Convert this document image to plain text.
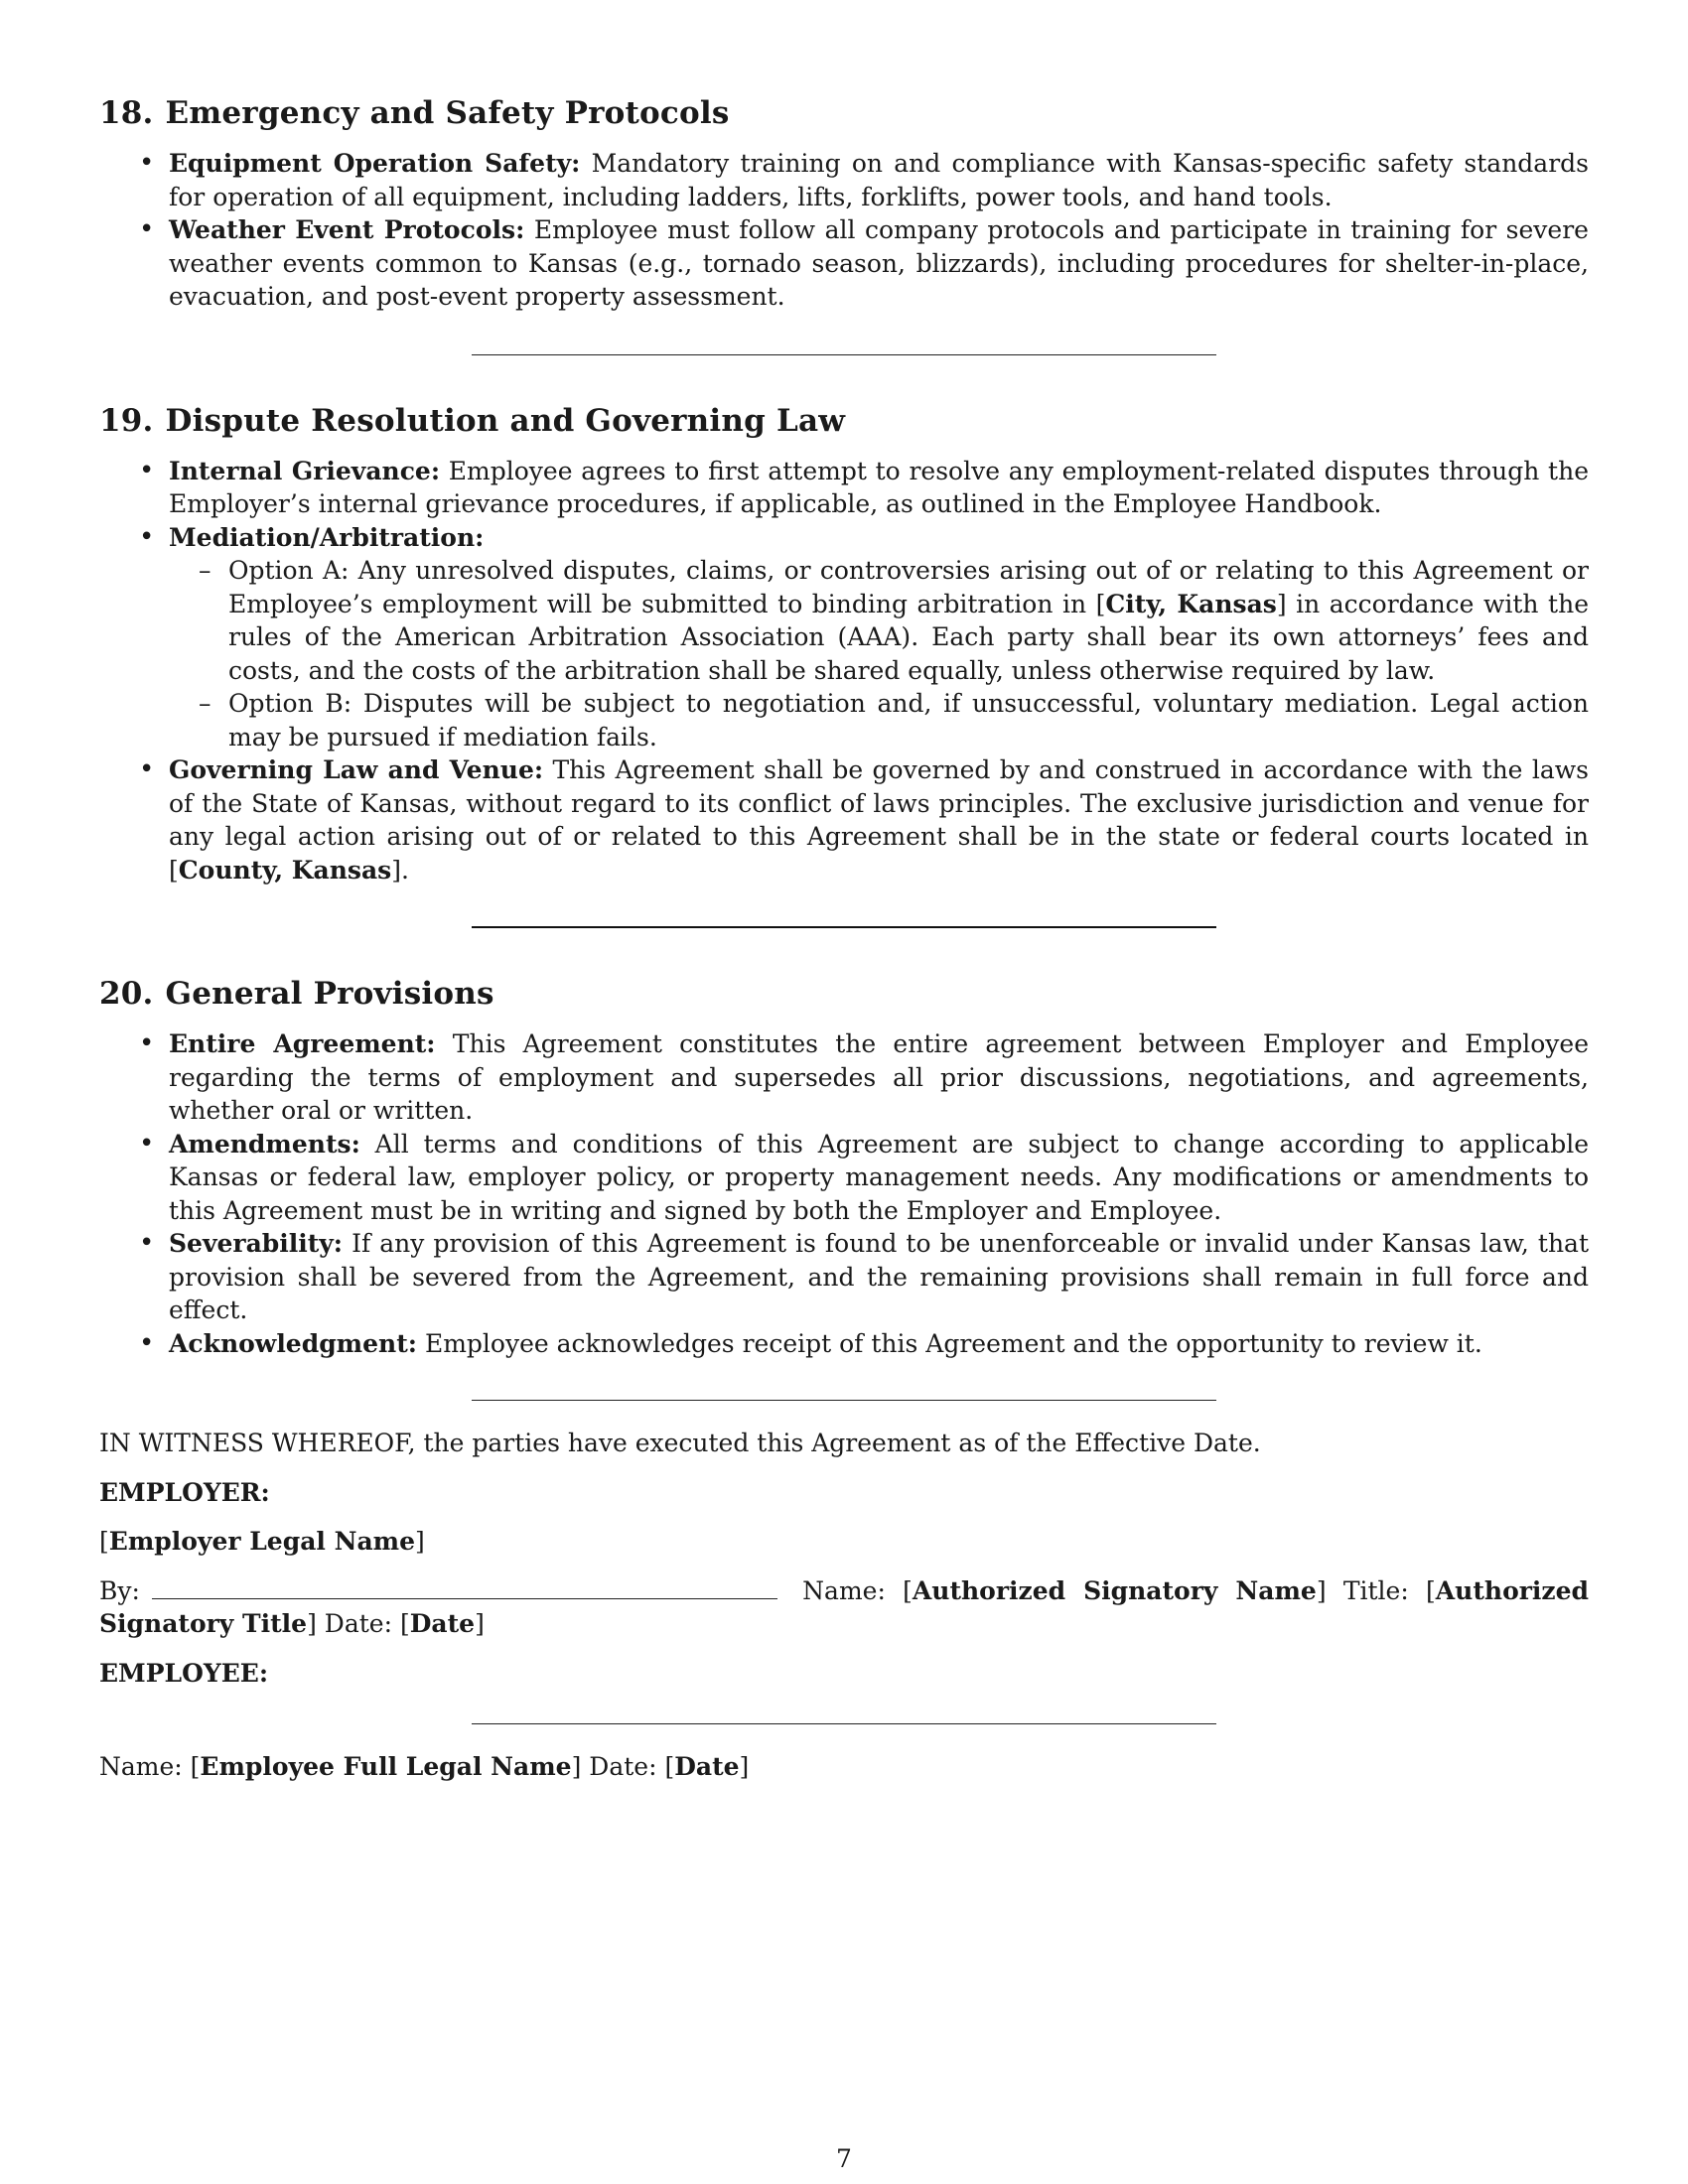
18. Emergency and Safety Protocols
• Equipment Operation Safety: Mandatory training on and compliance with Kansas-specific safety standards for operation of all equipment, including ladders, lifts, forklifts, power tools, and hand tools.
• Weather Event Protocols: Employee must follow all company protocols and participate in training for severe weather events common to Kansas (e.g., tornado season, blizzards), including procedures for shelter-in-place, evacuation, and post-event property assessment.
19. Dispute Resolution and Governing Law
• Internal Grievance: Employee agrees to first attempt to resolve any employment-related disputes through the Employer’s internal grievance procedures, if applicable, as outlined in the Employee Handbook.
• Mediation/Arbitration:
– Option A: Any unresolved disputes, claims, or controversies arising out of or relating to this Agreement or Employee’s employment will be submitted to binding arbitration in [City, Kansas] in accordance with the rules of the American Arbitration Association (AAA). Each party shall bear its own attorneys’ fees and costs, and the costs of the arbitration shall be shared equally, unless otherwise required by law.
– Option B: Disputes will be subject to negotiation and, if unsuccessful, voluntary mediation. Legal action may be pursued if mediation fails.
• Governing Law and Venue: This Agreement shall be governed by and construed in accordance with the laws of the State of Kansas, without regard to its conflict of laws principles. The exclusive jurisdiction and venue for any legal action arising out of or related to this Agreement shall be in the state or federal courts located in [County, Kansas].
20. General Provisions
• Entire Agreement: This Agreement constitutes the entire agreement between Employer and Employee regarding the terms of employment and supersedes all prior discussions, negotiations, and agreements, whether oral or written.
• Amendments: All terms and conditions of this Agreement are subject to change according to applicable Kansas or federal law, employer policy, or property management needs. Any modifications or amendments to this Agreement must be in writing and signed by both the Employer and Employee.
• Severability: If any provision of this Agreement is found to be unenforceable or invalid under Kansas law, that provision shall be severed from the Agreement, and the remaining provisions shall remain in full force and effect.
• Acknowledgment: Employee acknowledges receipt of this Agreement and the opportunity to review it.

IN WITNESS WHEREOF, the parties have executed this Agreement as of the Effective Date.

EMPLOYER:

[Employer Legal Name]

By:	Name: [Authorized Signatory Name] Title: [Authorized Signatory Title] Date: [Date]

EMPLOYEE:

Name: [Employee Full Legal Name] Date: [Date]

7
